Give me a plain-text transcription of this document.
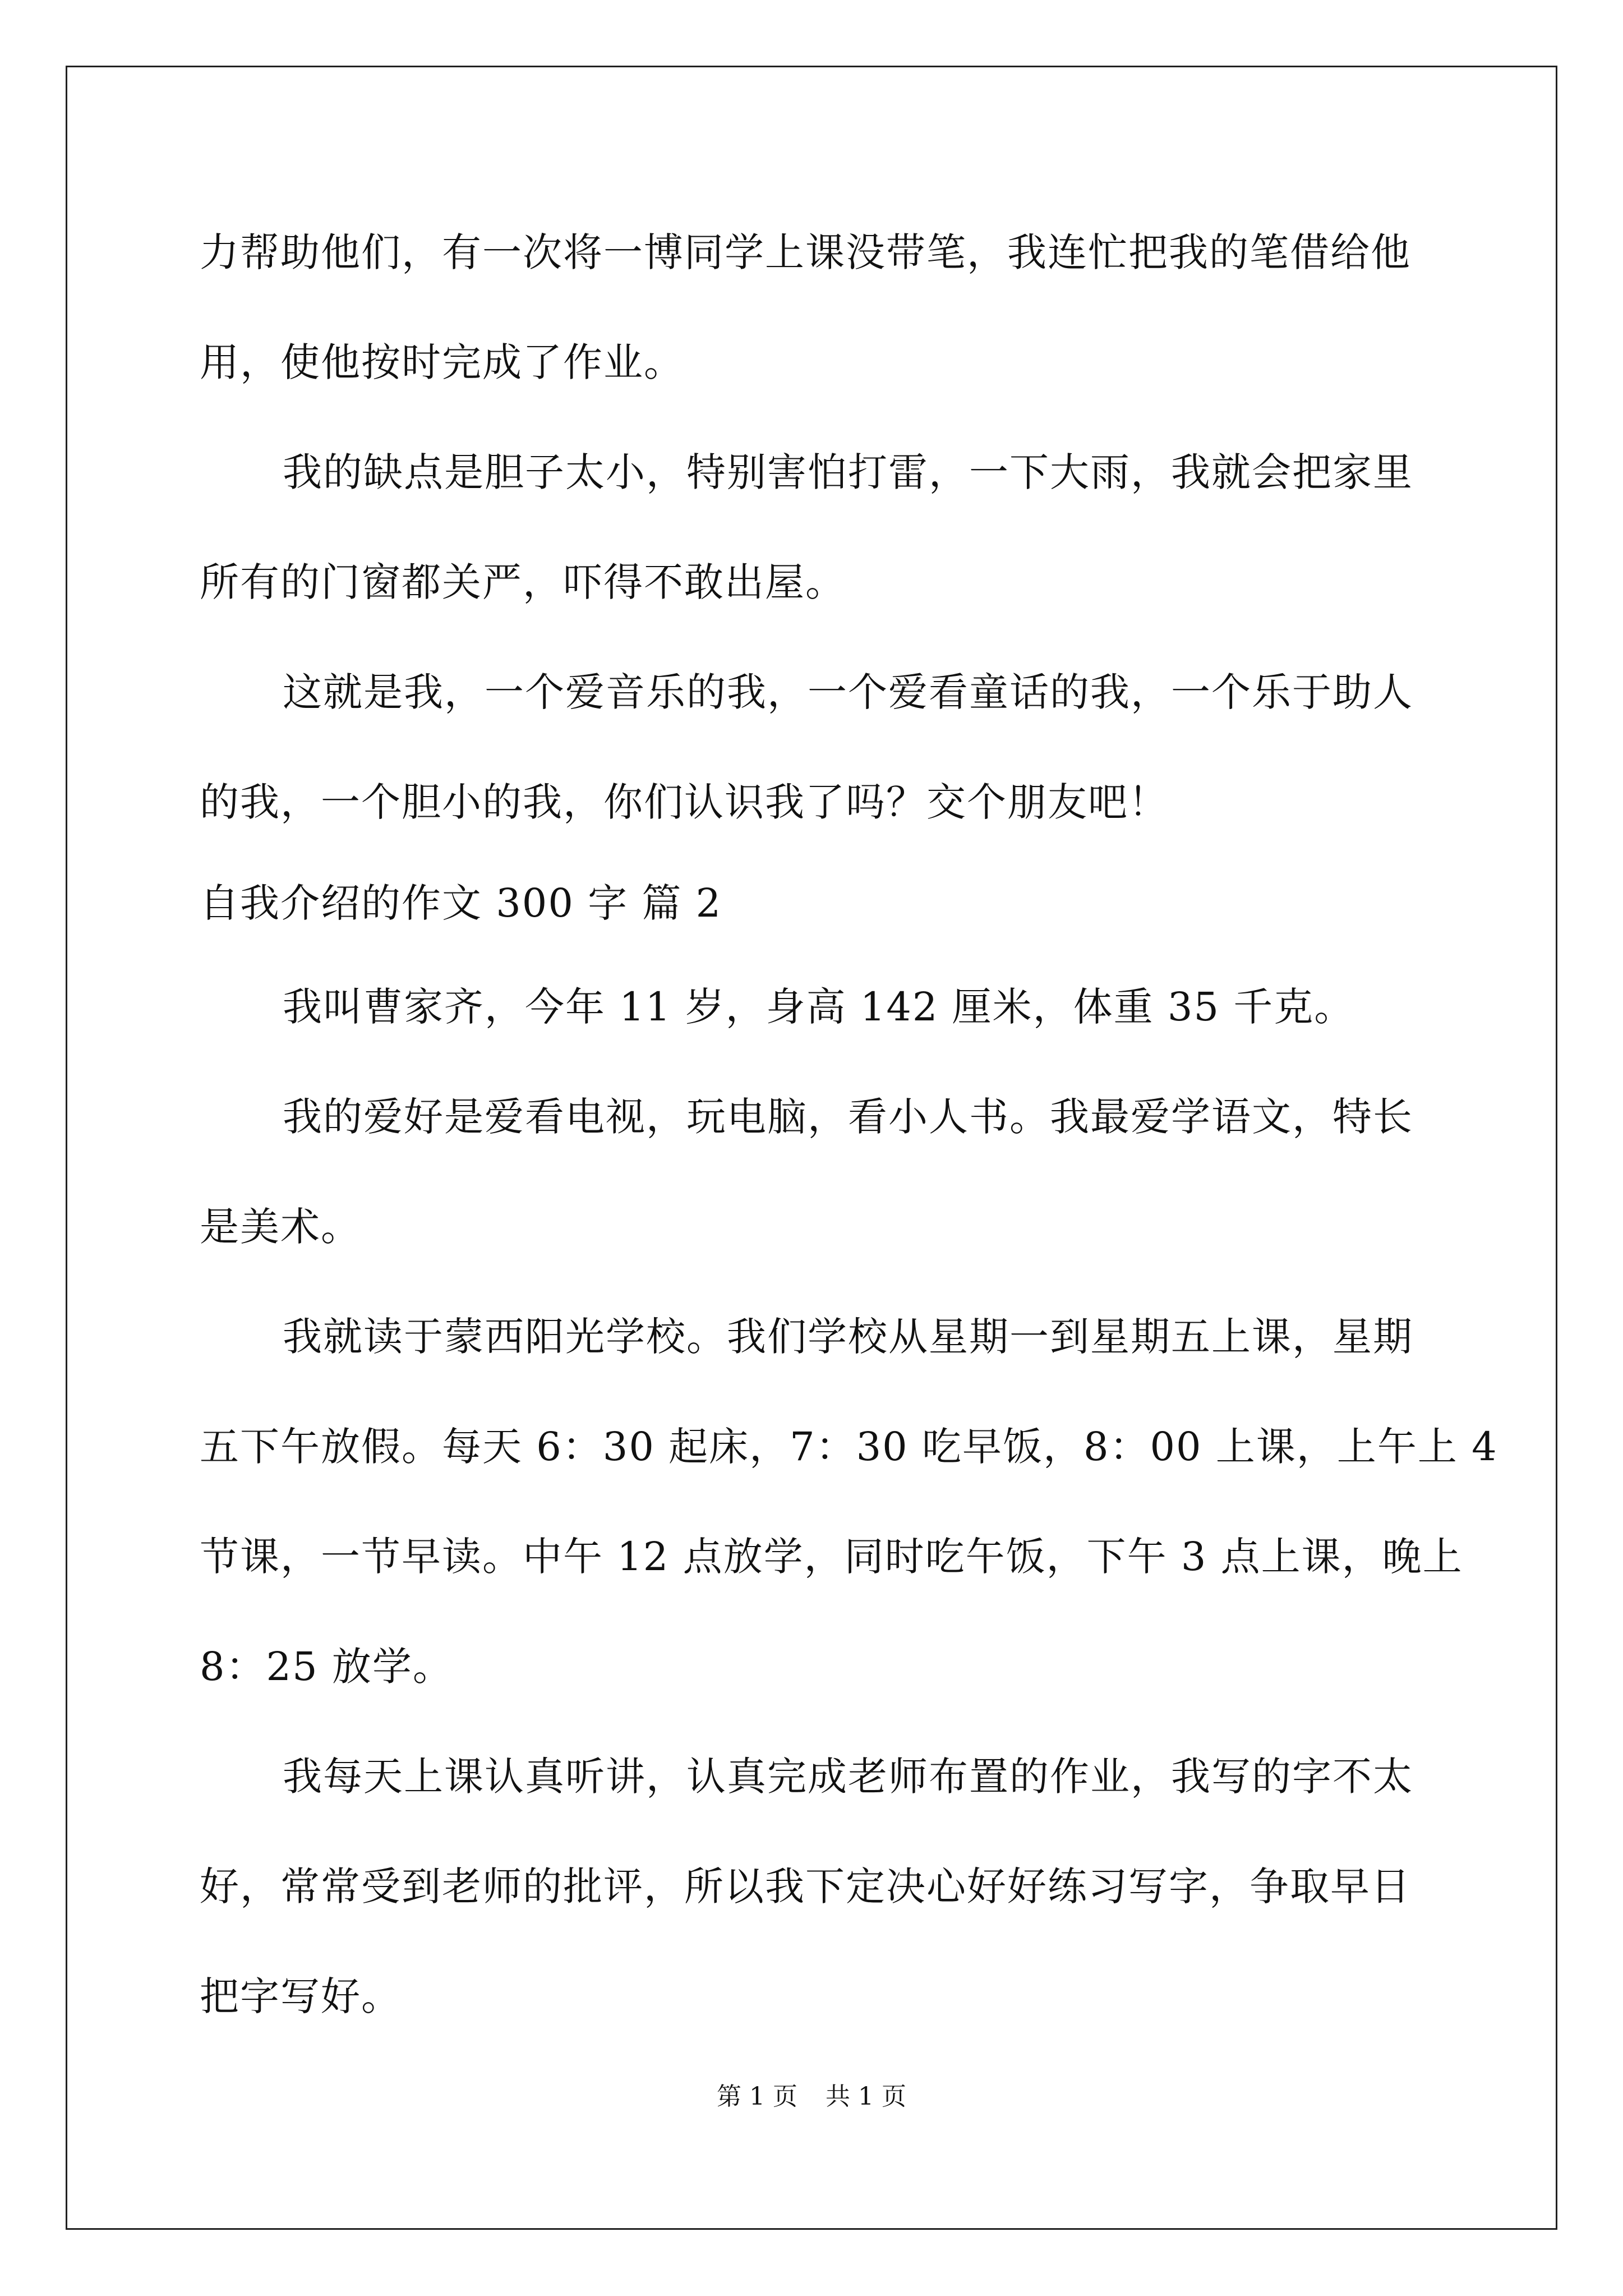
力帮助他们，有一次将一博同学上课没带笔，我连忙把我的笔借给他
用，使他按时完成了作业。
我的缺点是胆子太小，特别害怕打雷，一下大雨，我就会把家里
所有的门窗都关严，吓得不敢出屋。
这就是我，一个爱音乐的我，一个爱看童话的我，一个乐于助人
的我，一个胆小的我，你们认识我了吗？交个朋友吧！
自我介绍的作文 300 字 篇 2
我叫曹家齐，今年 11 岁，身高 142 厘米，体重 35 千克。
我的爱好是爱看电视，玩电脑，看小人书。我最爱学语文，特长
是美术。
我就读于蒙西阳光学校。我们学校从星期一到星期五上课，星期
五下午放假。每天 6：30 起床，7：30 吃早饭，8：00 上课，上午上 4
节课，一节早读。中午 12 点放学，同时吃午饭，下午 3 点上课，晚上
8：25 放学。
我每天上课认真听讲，认真完成老师布置的作业，我写的字不太
好，常常受到老师的批评，所以我下定决心好好练习写字，争取早日
把字写好。
第 1 页 共 1 页
